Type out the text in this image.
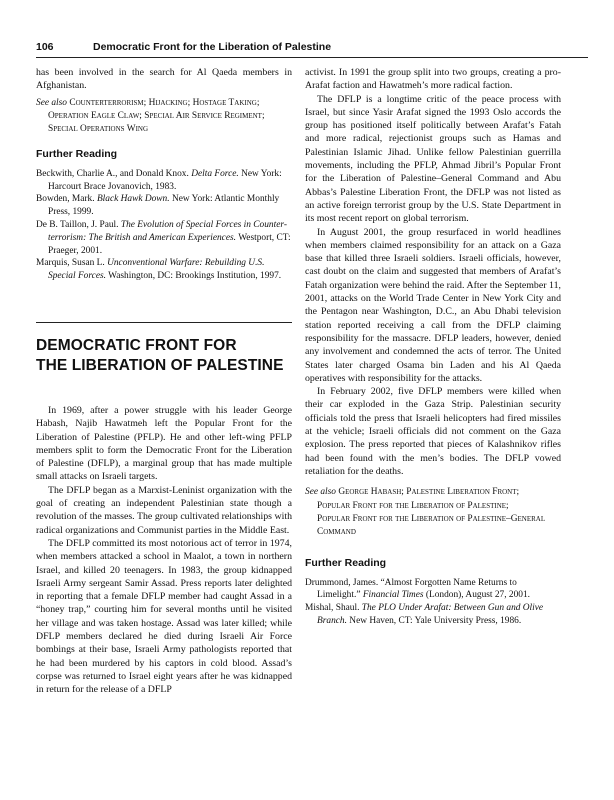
106	Democratic Front for the Liberation of Palestine

has been involved in the search for Al Qaeda members in Afghanistan.

See also Counterterrorism; Hijacking; Hostage Taking;
Operation Eagle Claw; Special Air Service Regiment;
Special Operations Wing
Further Reading

Beckwith, Charlie A., and Donald Knox. Delta Force. New York: Harcourt Brace Jovanovich, 1983.

Bowden, Mark. Black Hawk Down. New York: Atlantic Monthly Press, 1999.

De B. Taillon, J. Paul. The Evolution of Special Forces in Counter-terrorism: The British and American Experiences. Westport, CT: Praeger, 2001.

Marquis, Susan L. Unconventional Warfare: Rebuilding U.S. Special Forces. Washington, DC: Brookings Institution, 1997.

DEMOCRATIC FRONT FOR
THE LIBERATION OF PALESTINE

In 1969, after a power struggle with his leader George Habash, Najib Hawatmeh left the Popular Front for the Liberation of Palestine (PFLP). He and other left-wing PFLP members split to form the Democratic Front for the Liberation of Palestine (DFLP), a marginal group that has made multiple small attacks on Israeli targets.

The DFLP began as a Marxist-Leninist organization with the goal of creating an independent Palestinian state though a revolution of the masses. The group cultivated relationships with radical organizations and Communist parties in the Middle East.

The DFLP committed its most notorious act of terror in 1974, when members attacked a school in Maalot, a town in northern Israel, and killed 20 teenagers. In 1983, the group kidnapped Israeli Army sergeant Samir Assad. Press reports later delighted in reporting that a female DFLP member had caught Assad in a “honey trap,” courting him for several months until he visited her village and was taken hostage. Assad was later killed; while DFLP members declared he died during Israeli Air Force bombings at their base, Israeli Army pathologists reported that he had been murdered by his captors in cold blood. Assad’s corpse was returned to Israel eight years after he was kidnapped in return for the release of a DFLP

activist. In 1991 the group split into two groups, creating a pro-Arafat faction and Hawatmeh’s more radical faction.

The DFLP is a longtime critic of the peace process with Israel, but since Yasir Arafat signed the 1993 Oslo accords the group has positioned itself politically between Arafat’s Fatah and more radical, rejectionist groups such as Hamas and Palestinian Islamic Jihad. Unlike fellow Palestinian guerrilla movements, including the PFLP, Ahmad Jibril’s Popular Front for the Liberation of Palestine–General Command and Abu Abbas’s Palestine Liberation Front, the DFLP was not listed as an active foreign terrorist group by the U.S. State Department in its most recent report on global terrorism.

In August 2001, the group resurfaced in world headlines when members claimed responsibility for an attack on a Gaza base that killed three Israeli soldiers. Israeli officials, however, cast doubt on the claim and suggested that members of Arafat’s Fatah organization were behind the raid. After the September 11, 2001, attacks on the World Trade Center in New York City and the Pentagon near Washington, D.C., an Abu Dhabi television station reported receiving a call from the DFLP claiming responsibility for the massacre. DFLP leaders, however, denied any involvement and condemned the acts of terror. The United States later charged Osama bin Laden and his Al Qaeda operatives with responsibility for the attacks.

In February 2002, five DFLP members were killed when their car exploded in the Gaza Strip. Palestinian security officials told the press that Israeli helicopters had fired missiles at the vehicle; Israeli officials did not comment on the Gaza explosion. The press reported that pieces of Kalashnikov rifles had been found with the men’s bodies. The DFLP vowed retaliation for the deaths.

See also George Habash; Palestine Liberation Front;
Popular Front for the Liberation of Palestine;
Popular Front for the Liberation of Palestine–General Command
Further Reading

Drummond, James. “Almost Forgotten Name Returns to Limelight.” Financial Times (London), August 27, 2001.

Mishal, Shaul. The PLO Under Arafat: Between Gun and Olive Branch. New Haven, CT: Yale University Press, 1986.
